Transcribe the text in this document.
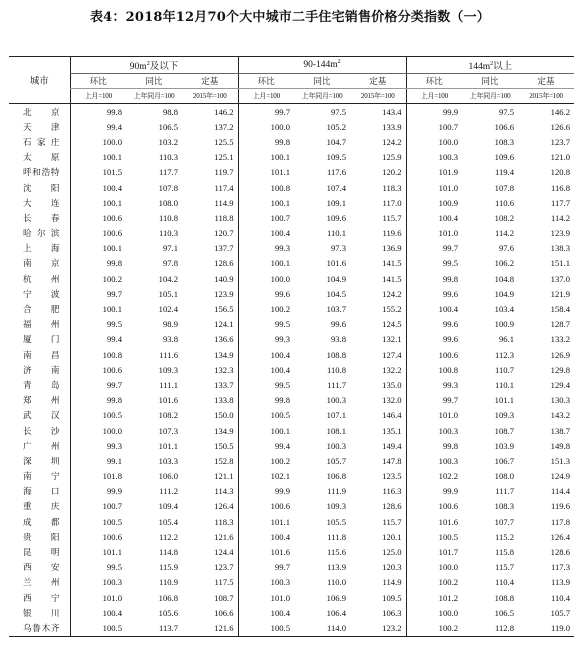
表4：2018年12月70个大中城市二手住宅销售价格分类指数（一）
城市	$90m^2$及以下			$90-144m^2$			$144m^2$以上		
	环比	同比	定基	环比	同比	定基	环比	同比	定基
	上月=100	上年同月=100	2015年=100	上月=100	上年同月=100	2015年=100	上月=100	上年同月=100	2015年=100
北京	99.8	98.8	146.2	99.7	97.5	143.4	99.9	97.5	146.2
天津	99.4	106.5	137.2	100.0	105.2	133.9	100.7	106.6	126.6
石家庄	100.0	103.2	125.5	99.8	104.7	124.2	100.0	108.3	123.7
太原	100.1	110.3	125.1	100.1	109.5	125.9	100.3	109.6	121.0
呼和浩特	101.5	117.7	119.7	101.1	117.6	120.2	101.9	119.4	120.8
沈阳	100.4	107.8	117.4	100.8	107.4	118.3	101.0	107.8	116.8
大连	100.1	108.0	114.9	100.1	109.1	117.0	100.9	110.6	117.7
长春	100.6	110.8	118.8	100.7	109.6	115.7	100.4	108.2	114.2
哈尔滨	100.6	110.3	120.7	100.4	110.1	119.6	101.0	114.2	123.9
上海	100.1	97.1	137.7	99.3	97.3	136.9	99.7	97.6	138.3
南京	99.8	97.8	128.6	100.1	101.6	141.5	99.5	106.2	151.1
杭州	100.2	104.2	140.9	100.0	104.9	141.5	99.8	104.8	137.0
宁波	99.7	105.1	123.9	99.6	104.5	124.2	99.6	104.9	121.9
合肥	100.1	102.4	156.5	100.2	103.7	155.2	100.4	103.4	158.4
福州	99.5	98.9	124.1	99.5	99.6	124.5	99.6	100.9	128.7
厦门	99.4	93.8	136.6	99.3	93.8	132.1	99.6	96.1	133.2
南昌	100.8	111.6	134.9	100.4	108.8	127.4	100.6	112.3	126.9
济南	100.6	109.3	132.3	100.4	110.8	132.2	100.8	110.7	129.8
青岛	99.7	111.1	133.7	99.5	111.7	135.0	99.3	110.1	129.4
郑州	99.8	101.6	133.8	99.8	100.3	132.0	99.7	101.1	130.3
武汉	100.5	108.2	150.0	100.5	107.1	146.4	101.0	109.3	143.2
长沙	100.0	107.3	134.9	100.1	108.1	135.1	100.3	108.7	138.7
广州	99.3	101.1	150.5	99.4	100.3	149.4	99.8	103.9	149.8
深圳	99.1	103.3	152.8	100.2	105.7	147.8	100.3	106.7	151.3
南宁	101.8	106.0	121.1	102.1	106.8	123.5	102.2	108.0	124.9
海口	99.9	111.2	114.3	99.9	111.9	116.3	99.9	111.7	114.4
重庆	100.7	109.4	126.4	100.6	109.3	128.6	100.6	108.3	119.6
成都	100.5	105.4	118.3	101.1	105.5	115.7	101.6	107.7	117.8
贵阳	100.6	112.2	121.6	100.4	111.8	120.1	100.5	115.2	126.4
昆明	101.1	114.8	124.4	101.6	115.6	125.0	101.7	115.8	128.6
西安	99.5	115.9	123.7	99.7	113.9	120.3	100.0	115.7	117.3
兰州	100.3	110.9	117.5	100.3	110.0	114.9	100.2	110.4	113.9
西宁	101.0	106.8	108.7	101.0	106.9	109.5	101.2	108.8	110.4
银川	100.4	105.6	106.6	100.4	106.4	106.3	100.0	106.5	105.7
乌鲁木齐	100.5	113.7	121.6	100.5	114.0	123.2	100.2	112.8	119.0
